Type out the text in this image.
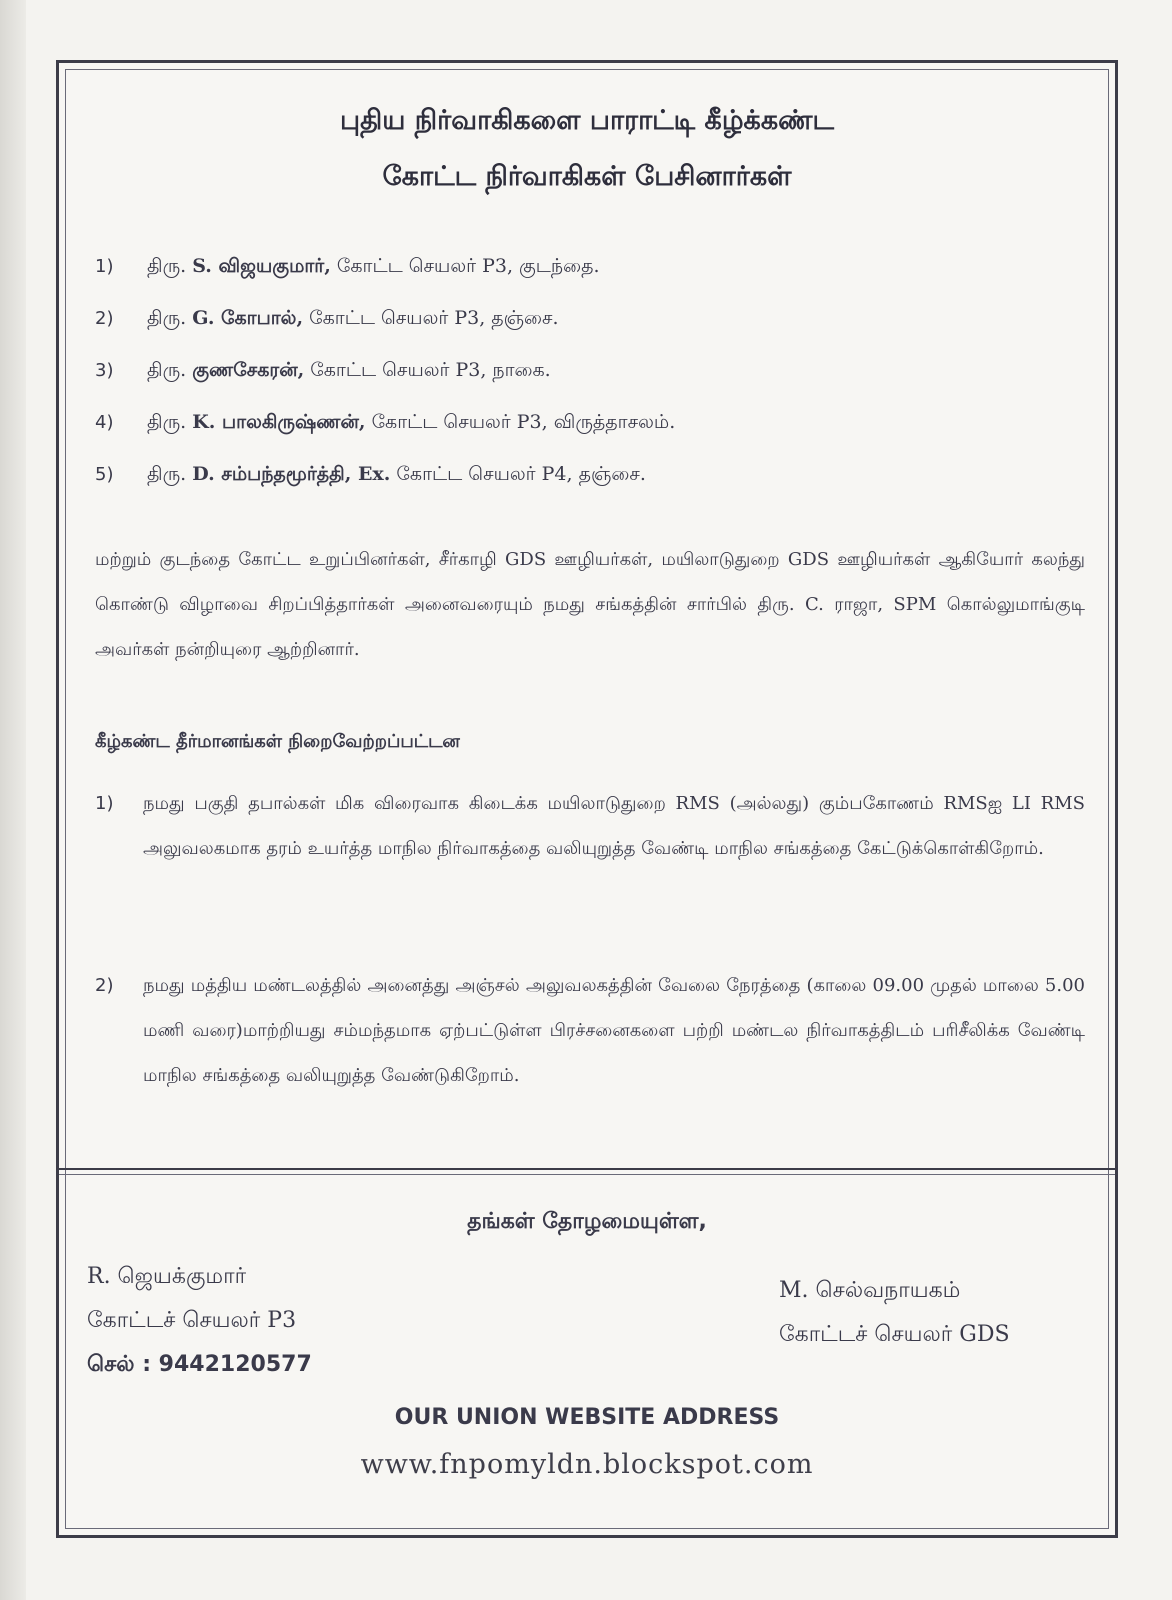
புதிய நிர்வாகிகளை பாராட்டி கீழ்க்கண்ட
கோட்ட நிர்வாகிகள் பேசினார்கள்
1)	திரு.
S. விஜயகுமார்,
கோட்ட செயலர் P3, குடந்தை.
2)	திரு.
G. கோபால்,
கோட்ட செயலர் P3, தஞ்சை.
3)	திரு.
குணசேகரன்,
கோட்ட செயலர் P3, நாகை.
4)	திரு.
K. பாலகிருஷ்ணன்,
கோட்ட செயலர் P3, விருத்தாசலம்.
5)	திரு.
D. சம்பந்தமூர்த்தி, Ex.
கோட்ட செயலர் P4, தஞ்சை.
மற்றும் குடந்தை கோட்ட உறுப்பினர்கள், சீர்காழி GDS ஊழியர்கள், மயிலாடுதுறை GDS ஊழியர்கள் ஆகியோர் கலந்து கொண்டு விழாவை சிறப்பித்தார்கள் அனைவரையும் நமது சங்கத்தின் சார்பில் திரு. C. ராஜா, SPM கொல்லுமாங்குடி அவர்கள் நன்றியுரை ஆற்றினார்.
கீழ்கண்ட தீர்மானங்கள் நிறைவேற்றப்பட்டன
1)	நமது பகுதி தபால்கள் மிக விரைவாக கிடைக்க மயிலாடுதுறை RMS (அல்லது) கும்பகோணம் RMSஐ LI RMS அலுவலகமாக தரம் உயர்த்த மாநில நிர்வாகத்தை வலியுறுத்த வேண்டி மாநில சங்கத்தை கேட்டுக்கொள்கிறோம்.
2)	நமது மத்திய மண்டலத்தில் அனைத்து அஞ்சல் அலுவலகத்தின் வேலை நேரத்தை (காலை 09.00 முதல் மாலை 5.00 மணி வரை)மாற்றியது சம்மந்தமாக ஏற்பட்டுள்ள பிரச்சனைகளை பற்றி மண்டல நிர்வாகத்திடம் பரிசீலிக்க வேண்டி மாநில சங்கத்தை வலியுறுத்த வேண்டுகிறோம்.
தங்கள் தோழமையுள்ள,
R. ஜெயக்குமார்
கோட்டச் செயலர் P3
செல் : 9442120577
M. செல்வநாயகம்
கோட்டச் செயலர் GDS
OUR UNION WEBSITE ADDRESS
www.fnpomyldn.blockspot.com
